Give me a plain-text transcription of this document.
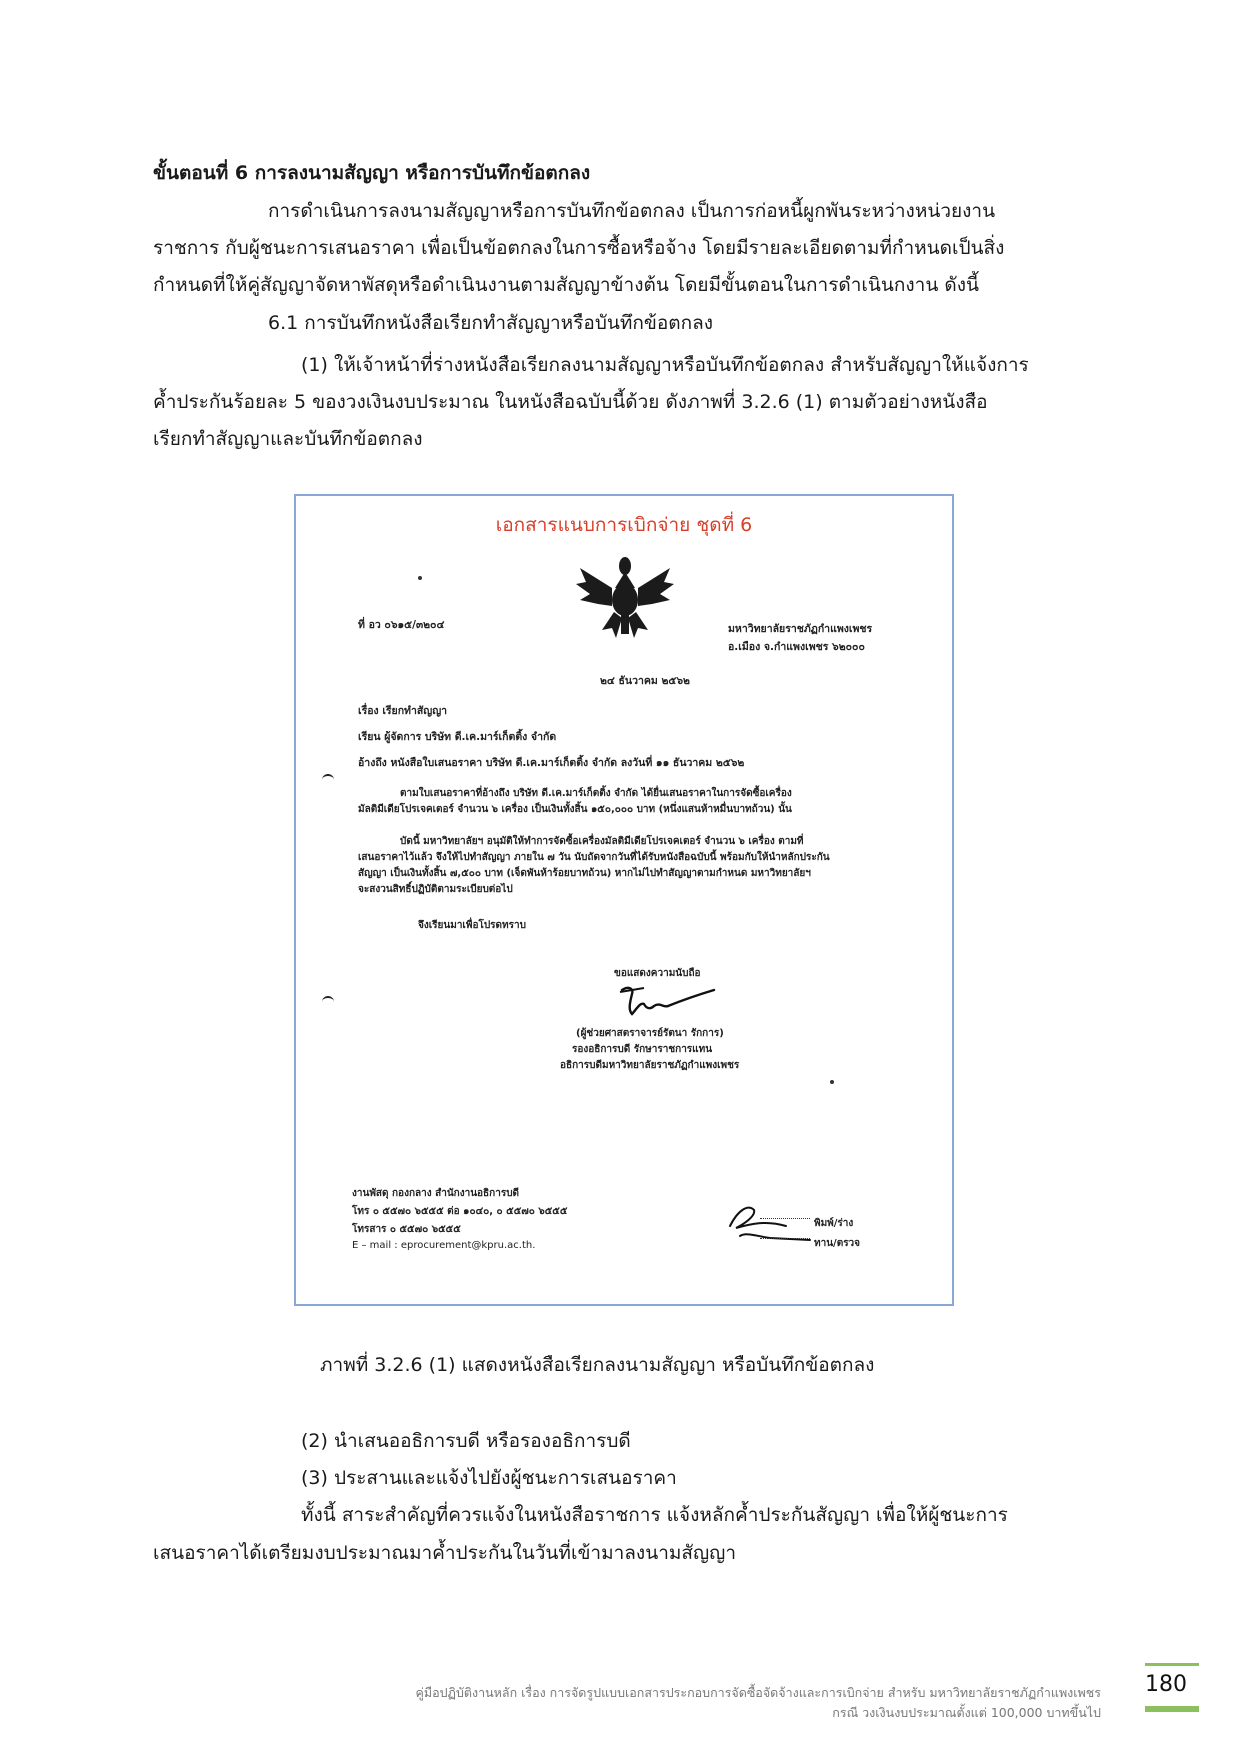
ขั้นตอนที่ 6 การลงนามสัญญา หรือการบันทึกข้อตกลง
การดำเนินการลงนามสัญญาหรือการบันทึกข้อตกลง เป็นการก่อหนี้ผูกพันระหว่างหน่วยงาน
ราชการ กับผู้ชนะการเสนอราคา เพื่อเป็นข้อตกลงในการซื้อหรือจ้าง โดยมีรายละเอียดตามที่กำหนดเป็นสิ่ง
กำหนดที่ให้คู่สัญญาจัดหาพัสดุหรือดำเนินงานตามสัญญาข้างต้น โดยมีขั้นตอนในการดำเนินกงาน ดังนี้
6.1 การบันทึกหนังสือเรียกทำสัญญาหรือบันทึกข้อตกลง
(1) ให้เจ้าหน้าที่ร่างหนังสือเรียกลงนามสัญญาหรือบันทึกข้อตกลง สำหรับสัญญาให้แจ้งการ
ค้ำประกันร้อยละ 5 ของวงเงินงบประมาณ ในหนังสือฉบับนี้ด้วย ดังภาพที่ 3.2.6 (1) ตามตัวอย่างหนังสือ
เรียกทำสัญญาและบันทึกข้อตกลง
เอกสารแนบการเบิกจ่าย ชุดที่ 6
ที่ อว ๐๖๑๕/๓๒๐๔	มหาวิทยาลัยราชภัฏกำแพงเพชร
อ.เมือง จ.กำแพงเพชร ๖๒๐๐๐
๒๔ ธันวาคม ๒๕๖๒
เรื่อง เรียกทำสัญญา
เรียน ผู้จัดการ บริษัท ดี.เค.มาร์เก็ตติ้ง จำกัด
อ้างถึง หนังสือใบเสนอราคา บริษัท ดี.เค.มาร์เก็ตติ้ง จำกัด ลงวันที่ ๑๑ ธันวาคม ๒๕๖๒
ตามใบเสนอราคาที่อ้างถึง บริษัท ดี.เค.มาร์เก็ตติ้ง จำกัด ได้ยื่นเสนอราคาในการจัดซื้อเครื่อง
มัลติมีเดียโปรเจคเตอร์ จำนวน ๖ เครื่อง เป็นเงินทั้งสิ้น ๑๕๐,๐๐๐ บาท (หนึ่งแสนห้าหมื่นบาทถ้วน) นั้น
บัดนี้ มหาวิทยาลัยฯ อนุมัติให้ทำการจัดซื้อเครื่องมัลติมีเดียโปรเจคเตอร์ จำนวน ๖ เครื่อง ตามที่
เสนอราคาไว้แล้ว จึงให้ไปทำสัญญา ภายใน ๗ วัน นับถัดจากวันที่ได้รับหนังสือฉบับนี้ พร้อมกับให้นำหลักประกัน
สัญญา เป็นเงินทั้งสิ้น ๗,๕๐๐ บาท (เจ็ดพันห้าร้อยบาทถ้วน) หากไม่ไปทำสัญญาตามกำหนด มหาวิทยาลัยฯ
จะสงวนสิทธิ์ปฏิบัติตามระเบียบต่อไป
จึงเรียนมาเพื่อโปรดทราบ
ขอแสดงความนับถือ
(ผู้ช่วยศาสตราจารย์รัตนา รักการ)
รองอธิการบดี รักษาราชการแทน
อธิการบดีมหาวิทยาลัยราชภัฏกำแพงเพชร
งานพัสดุ กองกลาง สำนักงานอธิการบดี
โทร ๐ ๕๕๗๐ ๖๕๕๕ ต่อ ๑๐๔๐, ๐ ๕๕๗๐ ๖๕๕๕
โทรสาร ๐ ๕๕๗๐ ๖๕๕๕
E – mail : eprocurement@kpru.ac.th.
พิมพ์/ร่าง
ทาน/ตรวจ
ภาพที่ 3.2.6 (1) แสดงหนังสือเรียกลงนามสัญญา หรือบันทึกข้อตกลง
(2) นำเสนออธิการบดี หรือรองอธิการบดี
(3) ประสานและแจ้งไปยังผู้ชนะการเสนอราคา
ทั้งนี้ สาระสำคัญที่ควรแจ้งในหนังสือราชการ แจ้งหลักค้ำประกันสัญญา เพื่อให้ผู้ชนะการ
เสนอราคาได้เตรียมงบประมาณมาค้ำประกันในวันที่เข้ามาลงนามสัญญา
คู่มือปฏิบัติงานหลัก เรื่อง การจัดรูปแบบเอกสารประกอบการจัดซื้อจัดจ้างและการเบิกจ่าย สำหรับ มหาวิทยาลัยราชภัฏกำแพงเพชร
กรณี วงเงินงบประมาณตั้งแต่ 100,000 บาทขึ้นไป
180
